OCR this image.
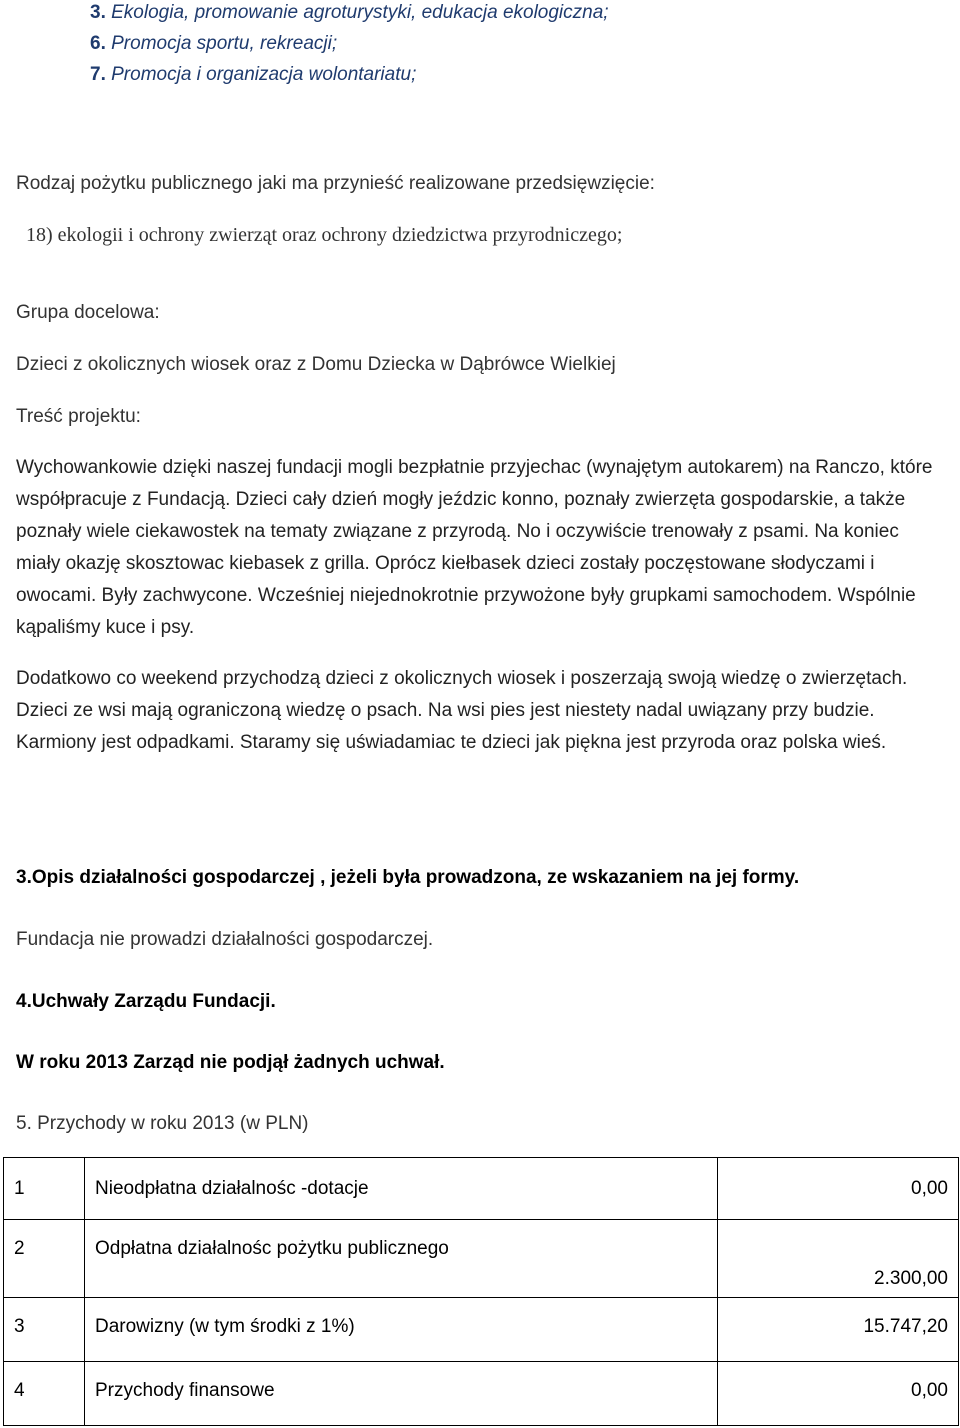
3. Ekologia, promowanie agroturystyki, edukacja ekologiczna;
6. Promocja sportu, rekreacji;
7. Promocja i organizacja wolontariatu;
Rodzaj pożytku publicznego jaki ma przynieść realizowane przedsięwzięcie:
18) ekologii i ochrony zwierząt oraz ochrony dziedzictwa przyrodniczego;
Grupa docelowa:
Dzieci z okolicznych wiosek oraz z Domu Dziecka w Dąbrówce Wielkiej
Treść projektu:
Wychowankowie dzięki naszej fundacji mogli bezpłatnie przyjechac (wynajętym autokarem) na Ranczo, które współpracuje z Fundacją. Dzieci cały dzień mogły jeździc konno, poznały zwierzęta gospodarskie, a także poznały wiele ciekawostek na tematy związane z przyrodą. No i oczywiście trenowały z psami. Na koniec miały okazję skosztowac kiebasek z grilla. Oprócz kiełbasek dzieci zostały poczęstowane słodyczami i owocami. Były zachwycone. Wcześniej niejednokrotnie przywożone były grupkami samochodem. Wspólnie kąpaliśmy kuce i psy.
Dodatkowo co weekend przychodzą dzieci z okolicznych wiosek i poszerzają swoją wiedzę o zwierzętach. Dzieci ze wsi mają ograniczoną wiedzę o psach. Na wsi pies jest niestety nadal uwiązany przy budzie. Karmiony jest odpadkami. Staramy się uświadamiac te dzieci jak piękna jest przyroda oraz polska wieś.
3.Opis działalności gospodarczej , jeżeli była prowadzona, ze wskazaniem na jej formy.
Fundacja nie prowadzi działalności gospodarczej.
4.Uchwały Zarządu Fundacji.
W roku 2013 Zarząd nie podjął żadnych uchwał.
5. Przychody w roku 2013 (w PLN)
1	Nieodpłatna działalnośc -dotacje	0,00
2	Odpłatna działalnośc pożytku publicznego	2.300,00
3	Darowizny (w tym środki z 1%)	15.747,20
4	Przychody finansowe	0,00
